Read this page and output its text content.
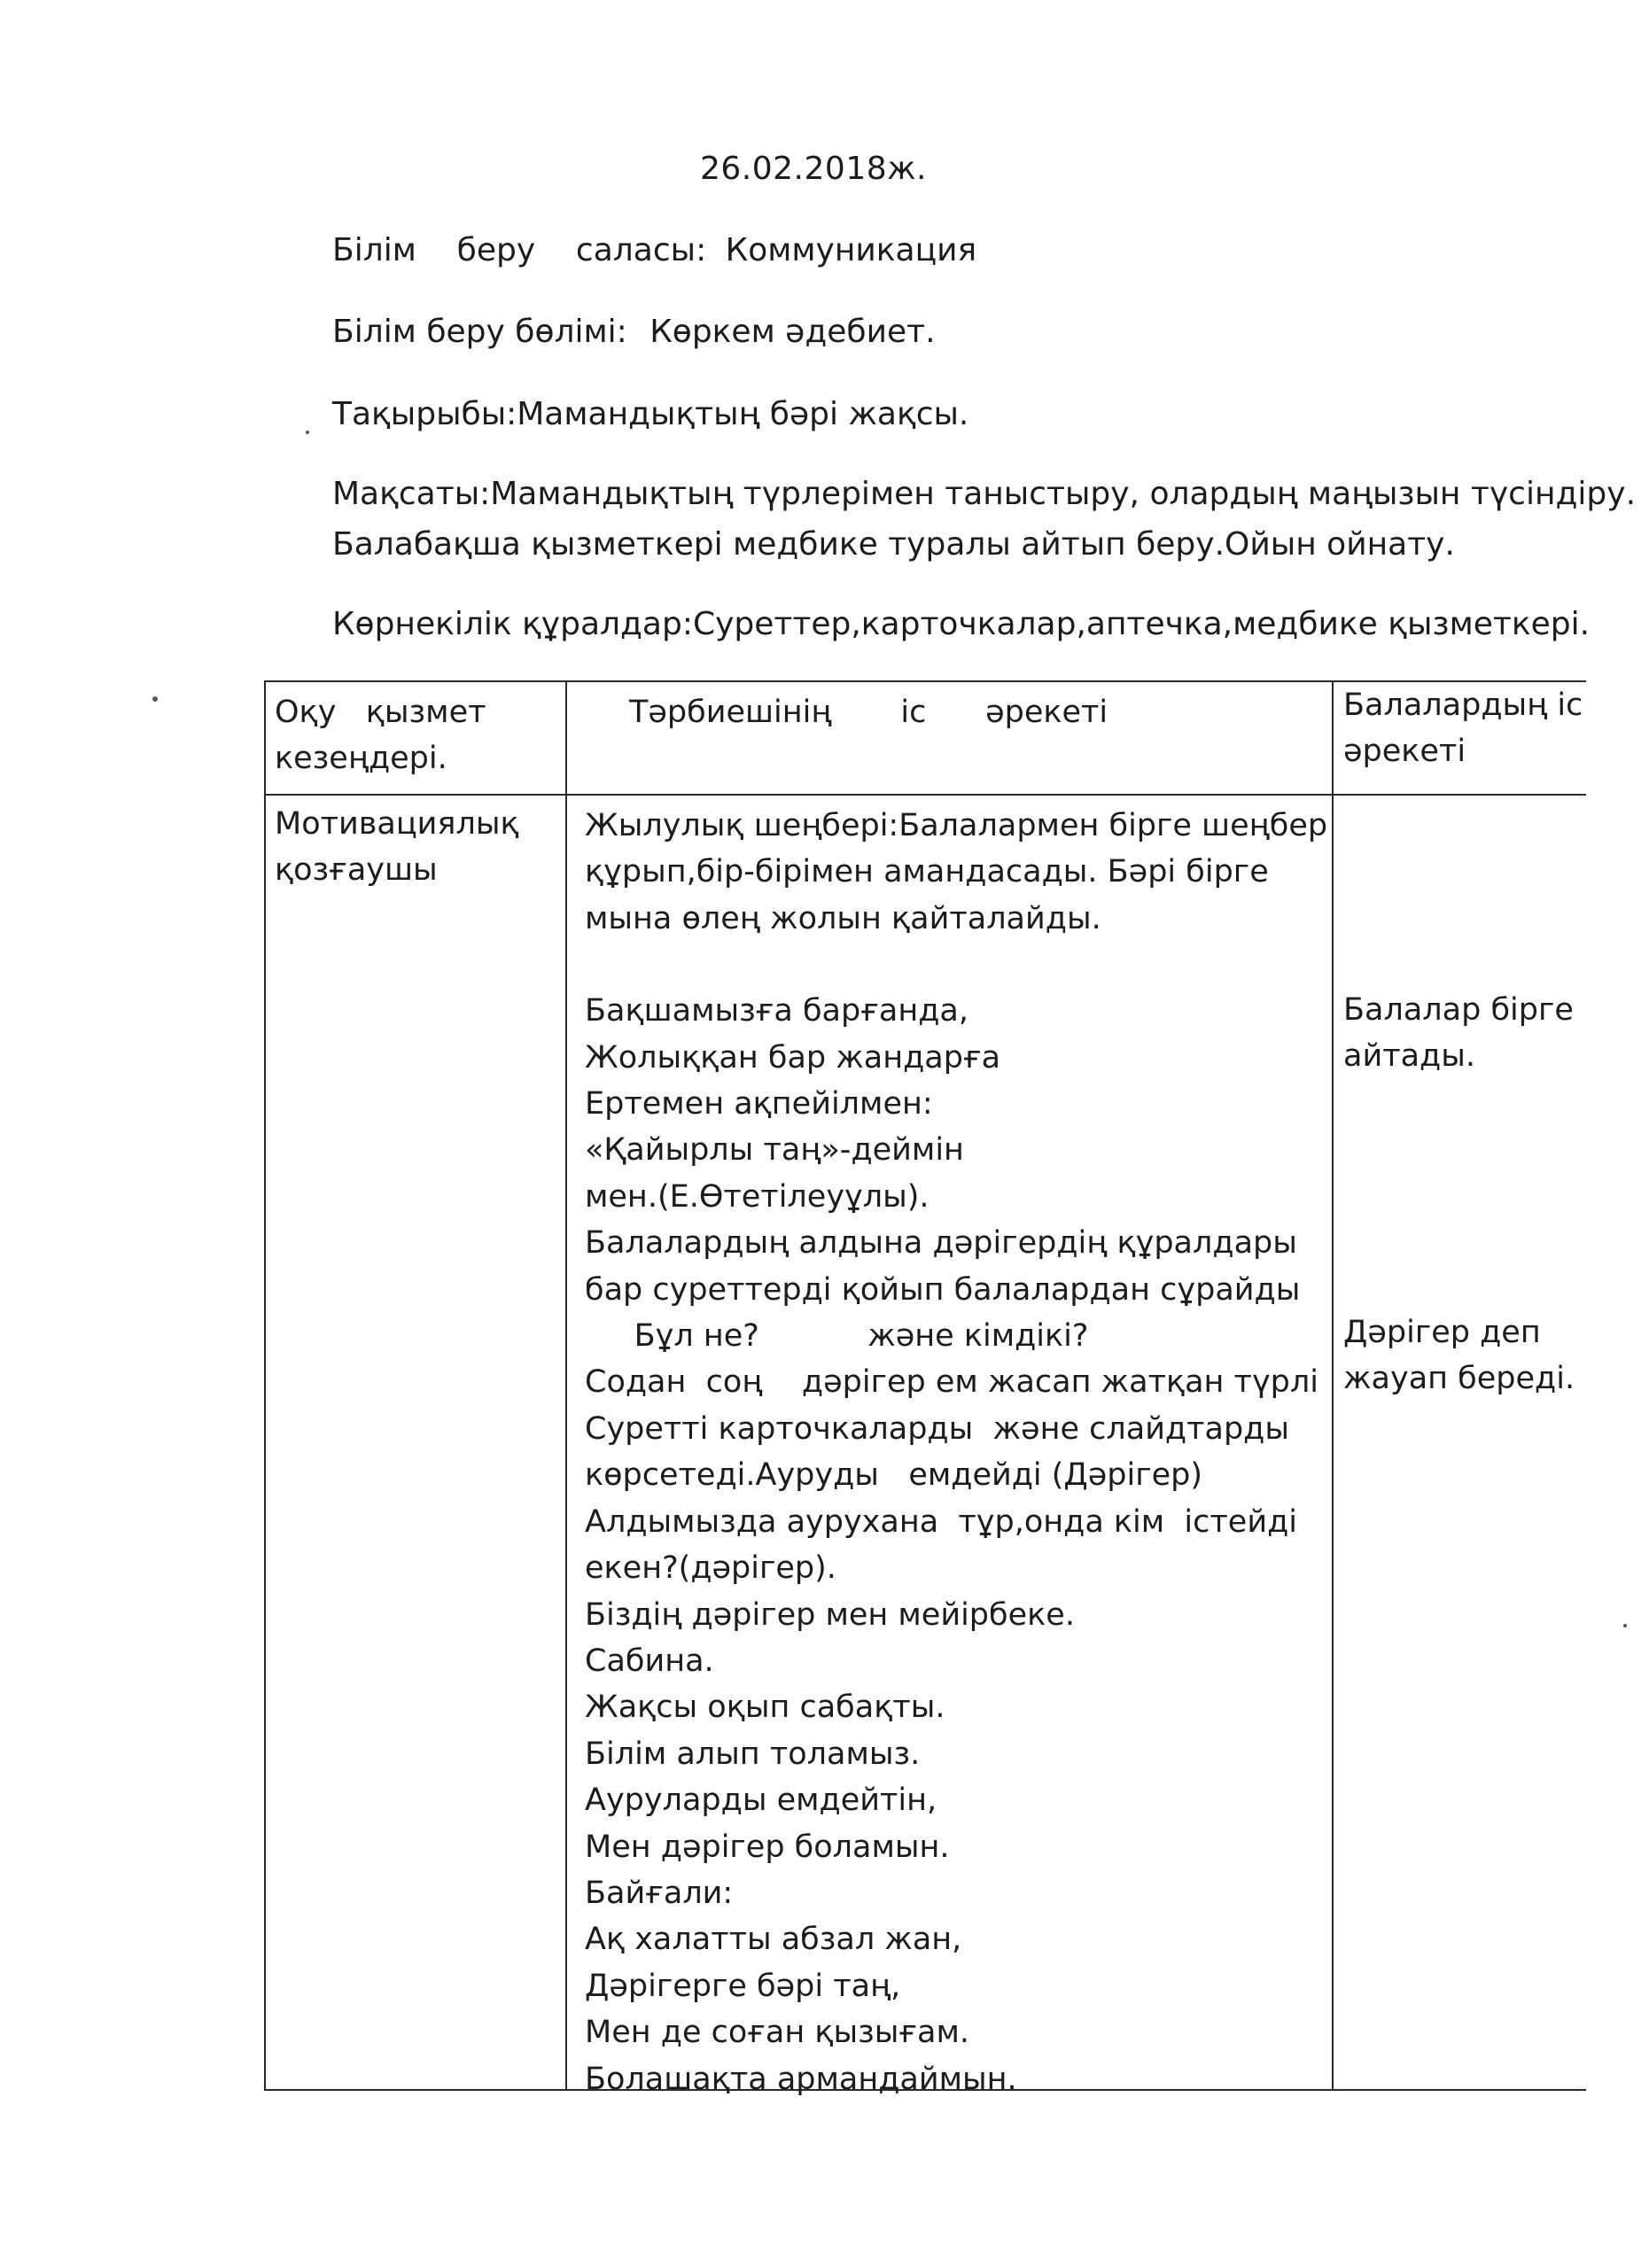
26.02.2018ж.
Білім    беру    саласы: Коммуникация
Білім беру бөлімі: Көркем әдебиет.
Тақырыбы:Мамандықтың бәрі жақсы.
Мақсаты:Мамандықтың түрлерімен таныстыру, олардың маңызын түсіндіру.
Балабақша қызметкері медбике туралы айтып беру.Ойын ойнату.
Көрнекілік құралдар:Суреттер,карточкалар,аптечка,медбике қызметкері.
Оқу   қызмет
кезеңдері.
Тәрбиешінің       іс      әрекеті	Балалардың іс
әрекеті
Мотивациялық
қозғаушы
Жылулық шеңбері:Балалармен бірге шеңбер
құрып,бір-бірімен амандасады. Бәрі бірге
мына өлең жолын қайталайды.
Бақшамызға барғанда,
Жолыққан бар жандарға
Ертемен ақпейілмен:
«Қайырлы таң»-деймін
мен.(Е.Өтетілеуұлы).
Балалардың алдына дәрігердің құралдары
бар суреттерді қойып балалардан сұрайды
Бұл не?           және кімдікі?
Содан  соң    дәрігер ем жасап жатқан түрлі
Суретті карточкаларды  және слайдтарды
көрсетеді.Ауруды   емдейді (Дәрігер)
Алдымызда аурухана  тұр,онда кім  істейді
екен?(дәрігер).
Біздің дәрігер мен мейірбеке.
Сабина.
Жақсы оқып сабақты.
Білім алып толамыз.
Ауруларды емдейтін,
Мен дәрігер боламын.
Байғали:
Ақ халатты абзал жан,
Дәрігерге бәрі таң,
Мен де соған қызығам.
Болашақта армандаймын.
Балалар бірге
айтады.
Дәрігер деп
жауап береді.
